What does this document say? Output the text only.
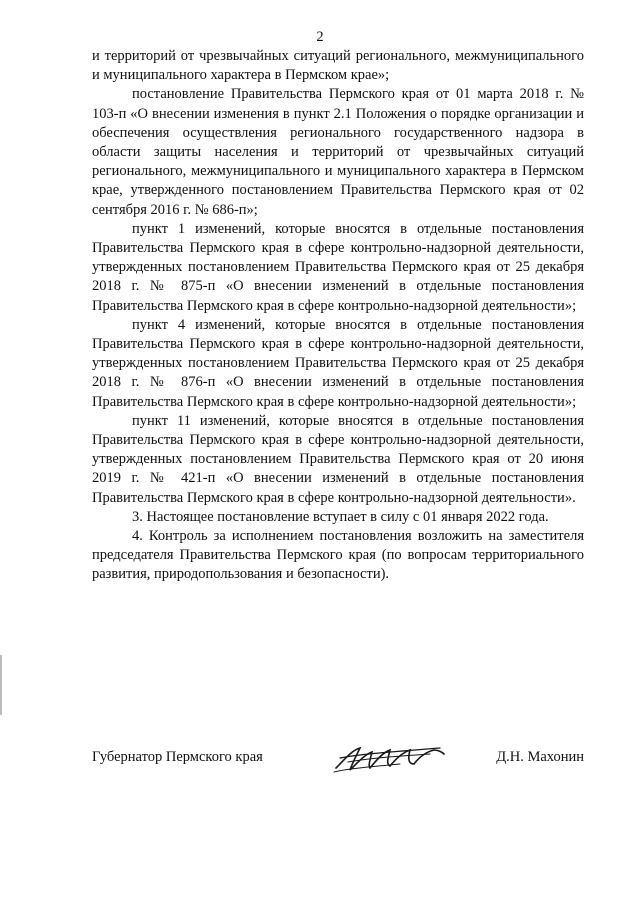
2

и территорий от чрезвычайных ситуаций регионального, межмуниципального и муниципального характера в Пермском крае»;

постановление Правительства Пермского края от 01 марта 2018 г. № 103-п «О внесении изменения в пункт 2.1 Положения о порядке организации и обеспечения осуществления регионального государственного надзора в области защиты населения и территорий от чрезвычайных ситуаций регионального, межмуниципального и муниципального характера в Пермском крае, утвержденного постановлением Правительства Пермского края от 02 сентября 2016 г. № 686-п»;

пункт 1 изменений, которые вносятся в отдельные постановления Правительства Пермского края в сфере контрольно-надзорной деятельности, утвержденных постановлением Правительства Пермского края от 25 декабря 2018 г. № 875-п «О внесении изменений в отдельные постановления Правительства Пермского края в сфере контрольно-надзорной деятельности»;

пункт 4 изменений, которые вносятся в отдельные постановления Правительства Пермского края в сфере контрольно-надзорной деятельности, утвержденных постановлением Правительства Пермского края от 25 декабря 2018 г. № 876-п «О внесении изменений в отдельные постановления Правительства Пермского края в сфере контрольно-надзорной деятельности»;

пункт 11 изменений, которые вносятся в отдельные постановления Правительства Пермского края в сфере контрольно-надзорной деятельности, утвержденных постановлением Правительства Пермского края от 20 июня 2019 г. № 421-п «О внесении изменений в отдельные постановления Правительства Пермского края в сфере контрольно-надзорной деятельности».

3. Настоящее постановление вступает в силу с 01 января 2022 года.

4. Контроль за исполнением постановления возложить на заместителя председателя Правительства Пермского края (по вопросам территориального развития, природопользования и безопасности).

Губернатор Пермского края	Д.Н. Махонин
